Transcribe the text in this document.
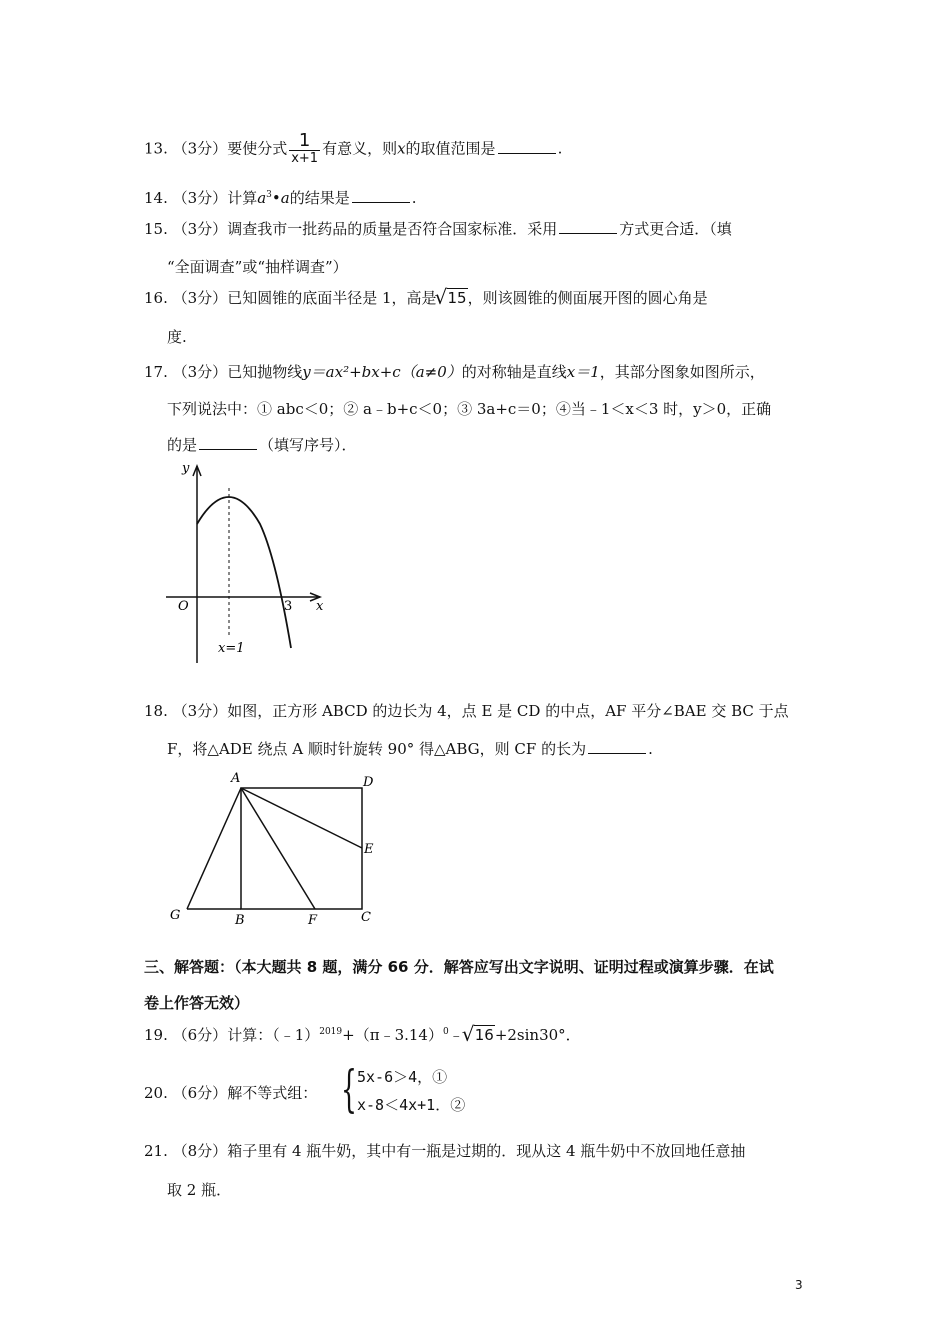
13. （3分）要使分式 $\frac{1}{x+1}$ 有意义，则x的取值范围是	.
14. （3分）计算$a^3•a$的结果是	.
15. （3分）调查我市一批药品的质量是否符合国家标准．采用	方式更合适．（填
“全面调查”或“抽样调查”）
16. （3分）已知圆锥的底面半径是 1，高是 √ 15，则该圆锥的侧面展开图的圆心角是
度.
17. （3分）已知抛物线y＝ax²+bx+c（a≠0）的对称轴是直线x＝1，其部分图象如图所示，
下列说法中：① abc＜0；② a﹣b+c＜0；③ 3a+c＝0；④当﹣1＜x＜3 时，y＞0，正确
的是	（填写序号）．
y
x
O	3
x=1
18. （3分）如图，正方形 ABCD 的边长为 4，点 E 是 CD 的中点，AF 平分∠BAE 交 BC 于点
F，将△ADE 绕点 A 顺时针旋转 90° 得△ABG，则 CF 的长为	.
A	D
E
G	B	F	C
三、解答题：（本大题共 8 题，满分 66 分．解答应写出文字说明、证明过程或演算步骤．在试
卷上作答无效）
19. （6分）计算：（﹣1）$^{2019}$+（π﹣3.14）$^0$﹣ √ 16+2sin30°．
20. （6分）解不等式组： { 5x-6＞4，①
x-8＜4x+1．②
21. （8分）箱子里有 4 瓶牛奶，其中有一瓶是过期的．现从这 4 瓶牛奶中不放回地任意抽
取 2 瓶．
3
